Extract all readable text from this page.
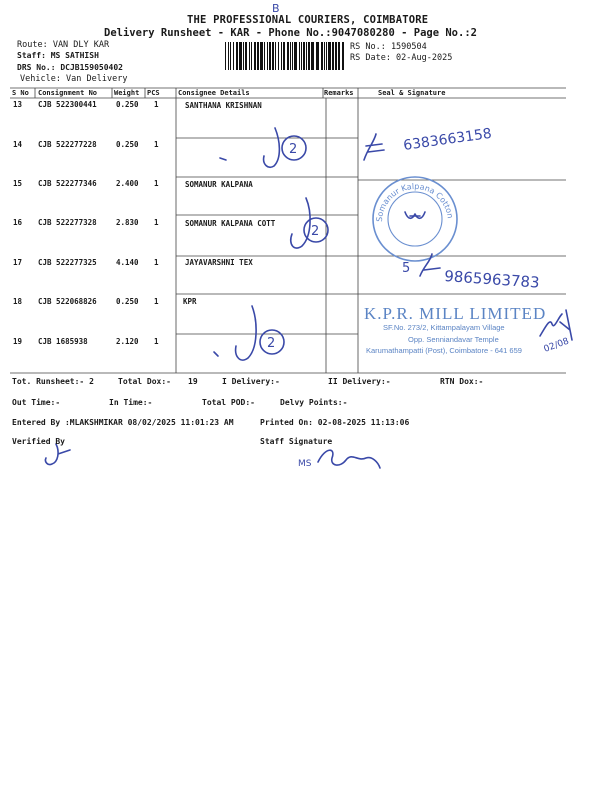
THE PROFESSIONAL COURIERS, COIMBATORE
Delivery Runsheet - KAR - Phone No.:9047080280 - Page No.:2
B
Route: VAN DLY KAR
Staff: MS SATHISH
DRS No.: DCJB159050402
Vehicle: Van Delivery
RS No.: 1590504
RS Date: 02-Aug-2025
S No Consignment No Weight PCS	Consignee Details	Remarks	Seal & Signature
13 CJB 522300441	0.250 1	SANTHANA KRISHNAN
14 CJB 522277228	0.250 1
15 CJB 522277346	2.400 1	SOMANUR KALPANA
16 CJB 522277328	2.830 1	SOMANUR KALPANA COTT
17 CJB 522277325	4.140 1	JAYAVARSHNI TEX
18 CJB 522068826	0.250 1	KPR
19 CJB 1685938	2.120 1
Somanur Kalpana Cotton
K.P.R. MILL LIMITED
SF.No. 273/2, Kittampalayam Village
Opp. Senniandavar Temple
Karumathampatti (Post), Coimbatore - 641 659
2	6383663158
2
5 9865963783
2	02/08
MS
Tot. Runsheet:- 2	Total Dox:- 19	I Delivery:-	II Delivery:-	RTN Dox:-
Out Time:-	In Time:-	Total POD:-	Delvy Points:-
Entered By :MLAKSHMIKAR 08/02/2025 11:01:23 AM	Printed On: 02-08-2025 11:13:06
Verified By	Staff Signature
